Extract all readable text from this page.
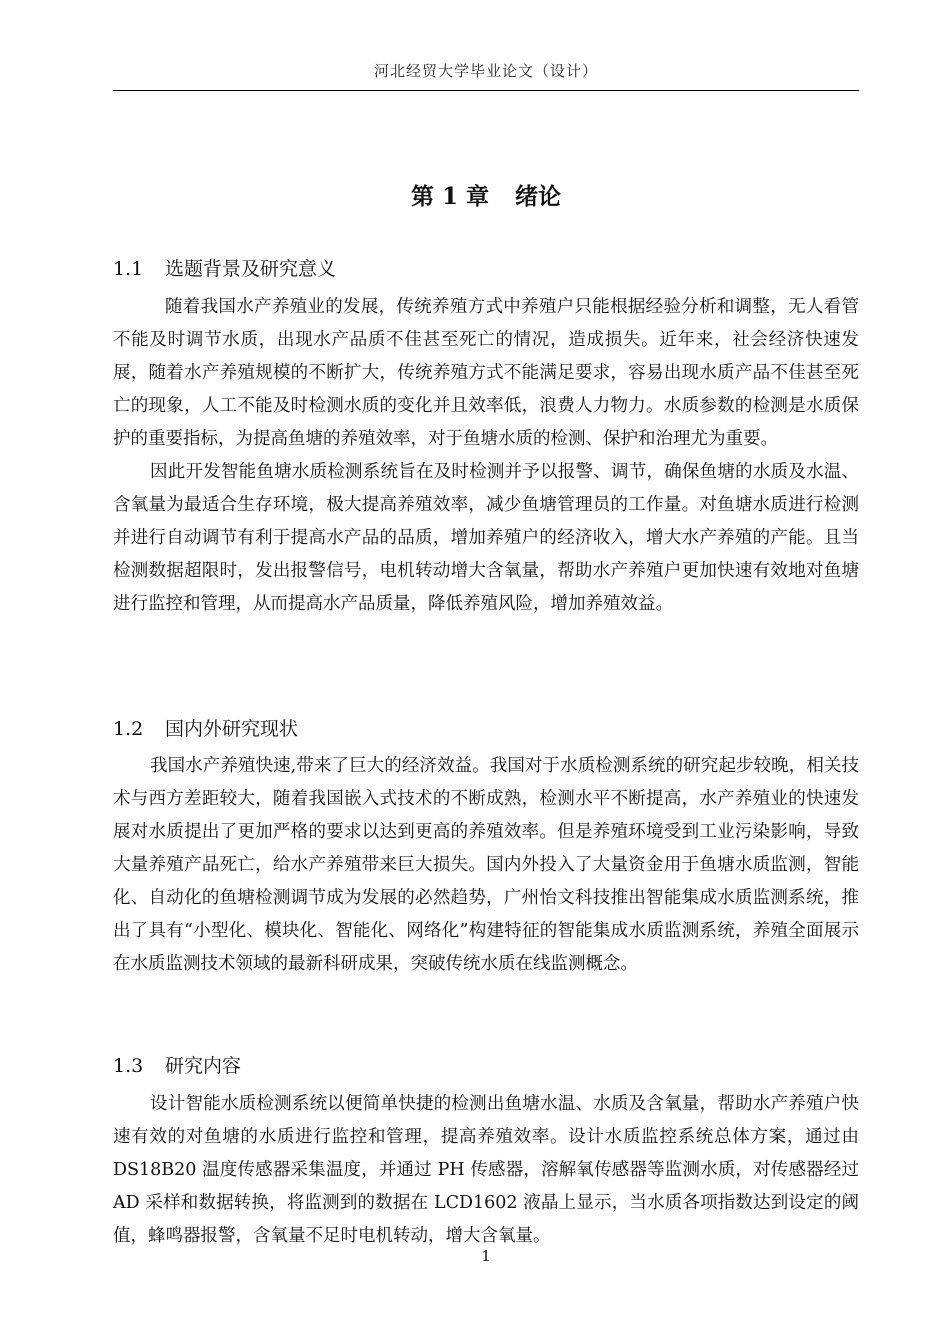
河北经贸大学毕业论文（设计）
第 1 章 绪论
1.1 选题背景及研究意义

随着我国水产养殖业的发展，传统养殖方式中养殖户只能根据经验分析和调整，无人看管不能及时调节水质，出现水产品质不佳甚至死亡的情况，造成损失。近年来，社会经济快速发展，随着水产养殖规模的不断扩大，传统养殖方式不能满足要求，容易出现水质产品不佳甚至死亡的现象，人工不能及时检测水质的变化并且效率低，浪费人力物力。水质参数的检测是水质保护的重要指标，为提高鱼塘的养殖效率，对于鱼塘水质的检测、保护和治理尤为重要。

因此开发智能鱼塘水质检测系统旨在及时检测并予以报警、调节，确保鱼塘的水质及水温、含氧量为最适合生存环境，极大提高养殖效率，减少鱼塘管理员的工作量。对鱼塘水质进行检测并进行自动调节有利于提高水产品的品质，增加养殖户的经济收入，增大水产养殖的产能。且当检测数据超限时，发出报警信号，电机转动增大含氧量，帮助水产养殖户更加快速有效地对鱼塘进行监控和管理，从而提高水产品质量，降低养殖风险，增加养殖效益。

1.2 国内外研究现状

我国水产养殖快速,带来了巨大的经济效益。我国对于水质检测系统的研究起步较晚，相关技术与西方差距较大，随着我国嵌入式技术的不断成熟，检测水平不断提高，水产养殖业的快速发展对水质提出了更加严格的要求以达到更高的养殖效率。但是养殖环境受到工业污染影响，导致大量养殖产品死亡，给水产养殖带来巨大损失。国内外投入了大量资金用于鱼塘水质监测，智能化、自动化的鱼塘检测调节成为发展的必然趋势，广州怡文科技推出智能集成水质监测系统，推出了具有“小型化、模块化、智能化、网络化”构建特征的智能集成水质监测系统，养殖全面展示在水质监测技术领域的最新科研成果，突破传统水质在线监测概念。

1.3 研究内容

设计智能水质检测系统以便简单快捷的检测出鱼塘水温、水质及含氧量，帮助水产养殖户快速有效的对鱼塘的水质进行监控和管理，提高养殖效率。设计水质监控系统总体方案，通过由 DS18B20 温度传感器采集温度，并通过 PH 传感器，溶解氧传感器等监测水质，对传感器经过 AD 采样和数据转换，将监测到的数据在 LCD1602 液晶上显示，当水质各项指数达到设定的阈值，蜂鸣器报警，含氧量不足时电机转动，增大含氧量。

1
